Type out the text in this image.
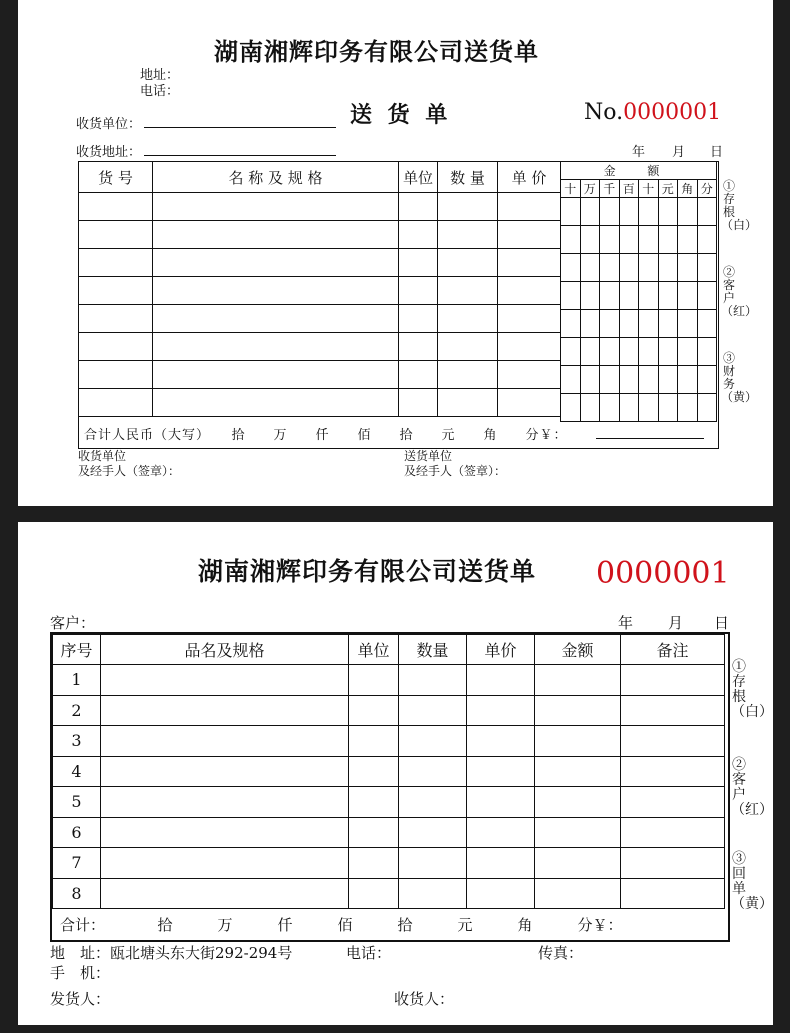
湖南湘辉印务有限公司送货单
地址：
电话：
收货单位：	送 货 单	No.0000001
收货地址：	年 月 日
货 号	名 称 及 规 格	单位	数 量	单 价

					金 额							
十	万	千	百	十	元	角	分

合计人民币（大写）　　拾　　万　　仟　　佰　　拾　　元　　角　　分￥：
收货单位
及经手人（签章）：
送货单位
及经手人（签章）：
①存根（白）
②客户（红）
③财务（黄）
湖南湘辉印务有限公司送货单 0000001
客户：	年 月 日
序号	品名及规格	单位	数量	单价	金额	备注
1						
2						
3						
4						
5						
6						
7						
8						
合计：　　　　拾　　　万　　　仟　　　佰　　　拾　　　元　　　角　　　分￥：
地　址：瓯北塘头东大街292-294号	电话：	传真：
手　机：
发货人：	收货人：
①存根（白）
②客户（红）
③回单（黄）
